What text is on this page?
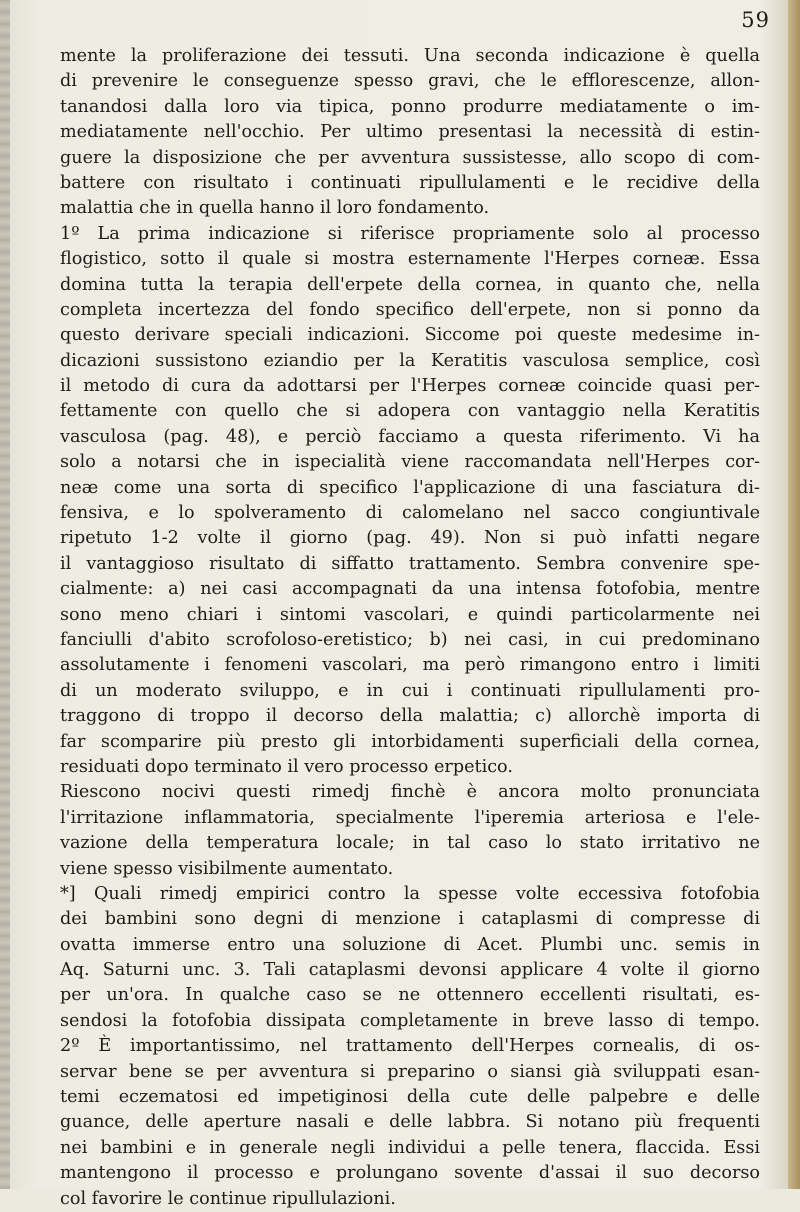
59
mente la proliferazione dei tessuti. Una seconda indicazione è quella
di prevenire le conseguenze spesso gravi, che le efflorescenze, allon-
tanandosi dalla loro via tipica, ponno produrre mediatamente o im-
mediatamente nell'occhio. Per ultimo presentasi la necessità di estin-
guere la disposizione che per avventura sussistesse, allo scopo di com-
battere con risultato i continuati ripullulamenti e le recidive della
malattia che in quella hanno il loro fondamento.
1º La prima indicazione si riferisce propriamente solo al processo
flogistico, sotto il quale si mostra esternamente l'Herpes corneæ. Essa
domina tutta la terapia dell'erpete della cornea, in quanto che, nella
completa incertezza del fondo specifico dell'erpete, non si ponno da
questo derivare speciali indicazioni. Siccome poi queste medesime in-
dicazioni sussistono eziandio per la Keratitis vasculosa semplice, così
il metodo di cura da adottarsi per l'Herpes corneæ coincide quasi per-
fettamente con quello che si adopera con vantaggio nella Keratitis
vasculosa (pag. 48), e perciò facciamo a questa riferimento. Vi ha
solo a notarsi che in ispecialità viene raccomandata nell'Herpes cor-
neæ come una sorta di specifico l'applicazione di una fasciatura di-
fensiva, e lo spolveramento di calomelano nel sacco congiuntivale
ripetuto 1-2 volte il giorno (pag. 49). Non si può infatti negare
il vantaggioso risultato di siffatto trattamento. Sembra convenire spe-
cialmente: a) nei casi accompagnati da una intensa fotofobia, mentre
sono meno chiari i sintomi vascolari, e quindi particolarmente nei
fanciulli d'abito scrofoloso-eretistico; b) nei casi, in cui predominano
assolutamente i fenomeni vascolari, ma però rimangono entro i limiti
di un moderato sviluppo, e in cui i continuati ripullulamenti pro-
traggono di troppo il decorso della malattia; c) allorchè importa di
far scomparire più presto gli intorbidamenti superficiali della cornea,
residuati dopo terminato il vero processo erpetico.
Riescono nocivi questi rimedj finchè è ancora molto pronunciata
l'irritazione inflammatoria, specialmente l'iperemia arteriosa e l'ele-
vazione della temperatura locale; in tal caso lo stato irritativo ne
viene spesso visibilmente aumentato.
*] Quali rimedj empirici contro la spesse volte eccessiva fotofobia
dei bambini sono degni di menzione i cataplasmi di compresse di
ovatta immerse entro una soluzione di Acet. Plumbi unc. semis in
Aq. Saturni unc. 3. Tali cataplasmi devonsi applicare 4 volte il giorno
per un'ora. In qualche caso se ne ottennero eccellenti risultati, es-
sendosi la fotofobia dissipata completamente in breve lasso di tempo.
2º È importantissimo, nel trattamento dell'Herpes cornealis, di os-
servar bene se per avventura si preparino o siansi già sviluppati esan-
temi eczematosi ed impetiginosi della cute delle palpebre e delle
guance, delle aperture nasali e delle labbra. Si notano più frequenti
nei bambini e in generale negli individui a pelle tenera, flaccida. Essi
mantengono il processo e prolungano sovente d'assai il suo decorso
col favorire le continue ripullulazioni.
